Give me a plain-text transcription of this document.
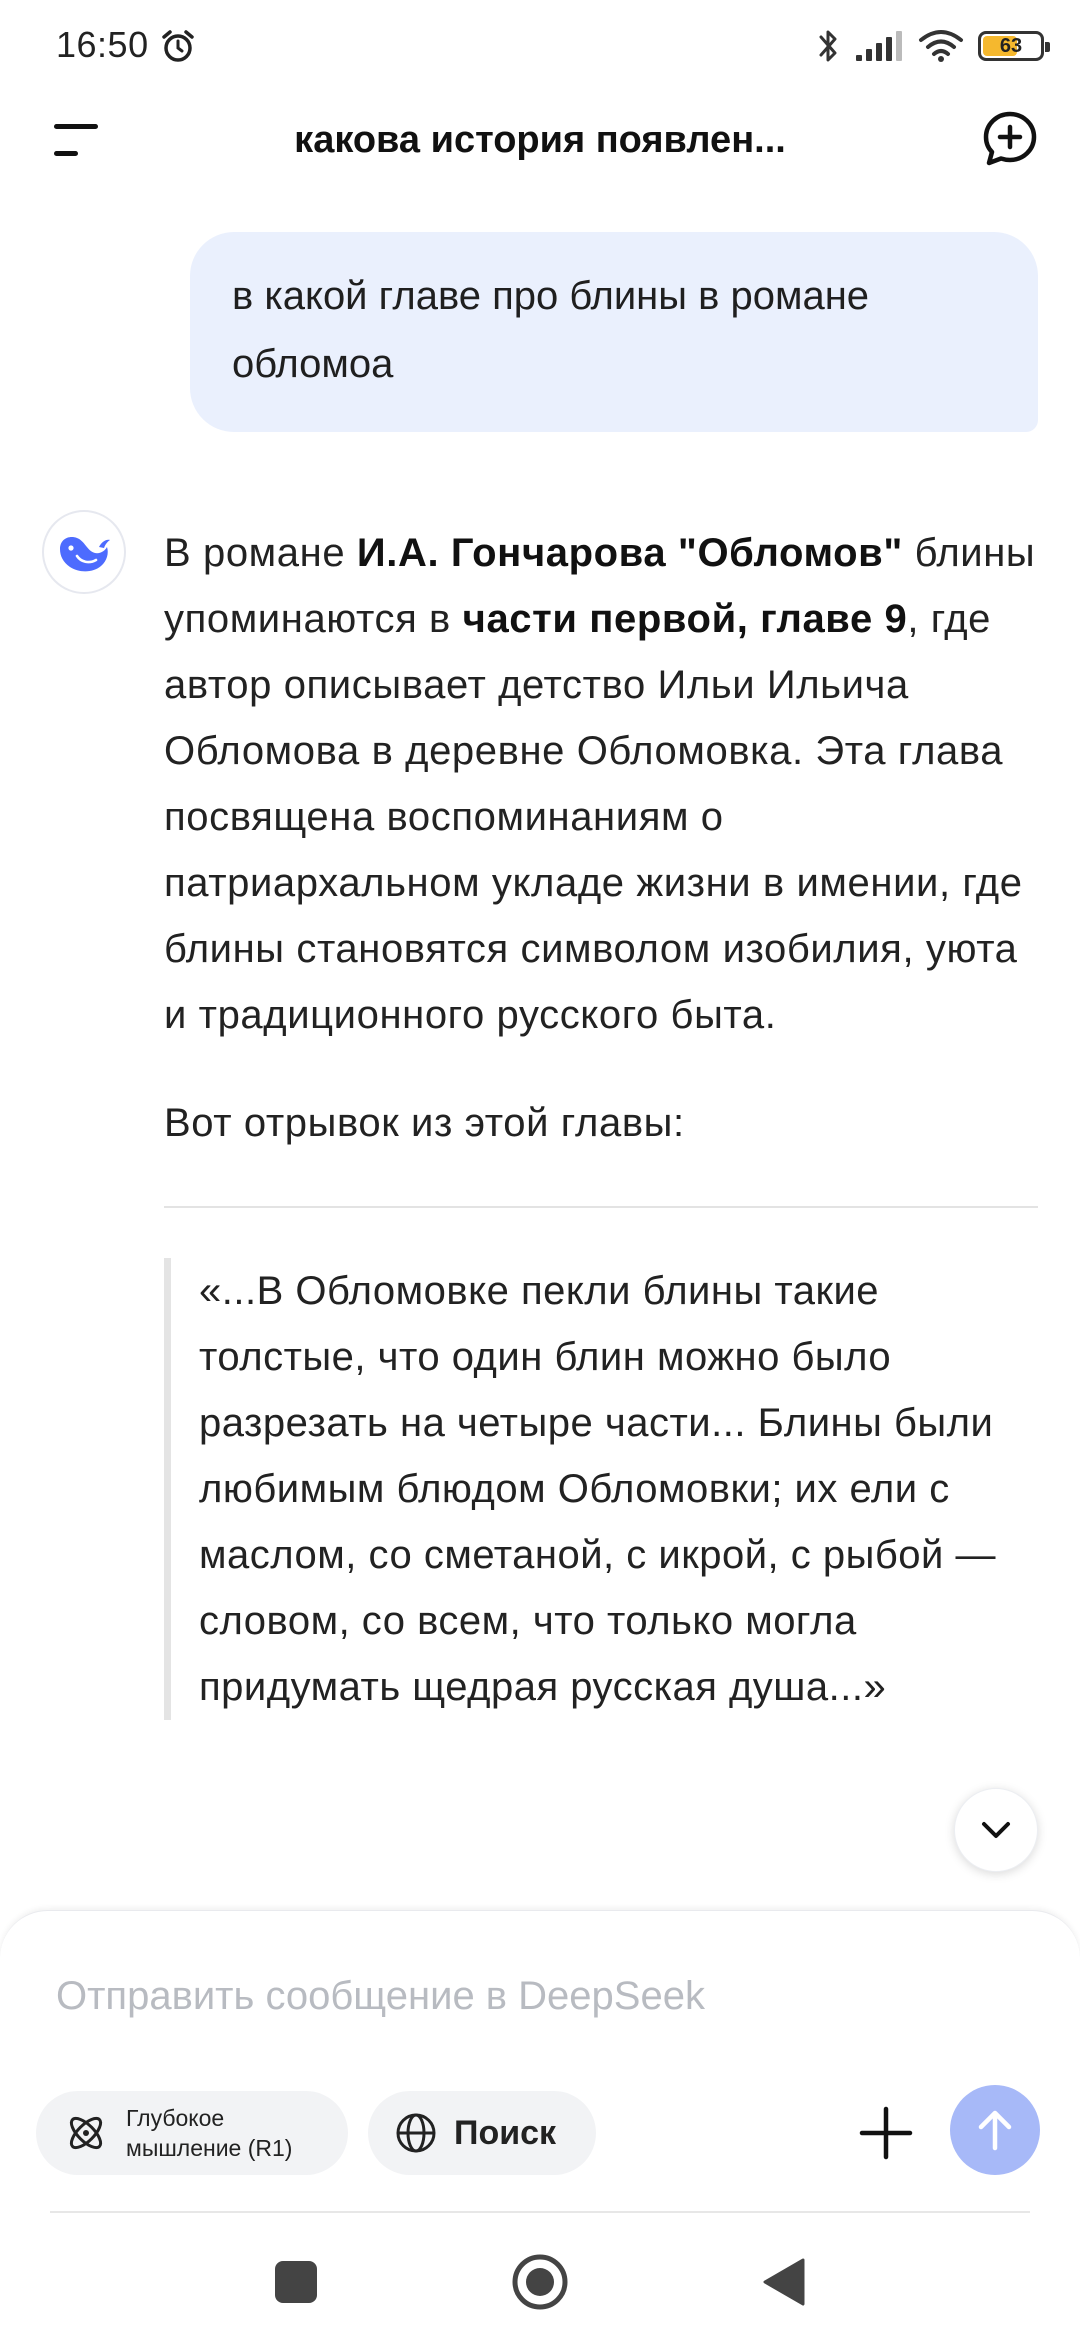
16:50	63
какова история появлен...
в какой главе про блины в романе обломоа

В романе И.А. Гончарова "Обломов" блины упоминаются в части первой, главе 9, где автор описывает детство Ильи Ильича Обломова в деревне Обломовка. Эта глава посвящена воспоминаниям о патриархальном укладе жизни в имении, где блины становятся символом изобилия, уюта и традиционного русского быта.

Вот отрывок из этой главы:

«...В Обломовке пекли блины такие толстые, что один блин можно было разрезать на четыре части... Блины были любимым блюдом Обломовки; их ели с маслом, со сметаной, с икрой, с рыбой — словом, со всем, что только могла придумать щедрая русская душа...»
Отправить сообщение в DeepSeek
Глубокое мышление (R1)	Поиск
